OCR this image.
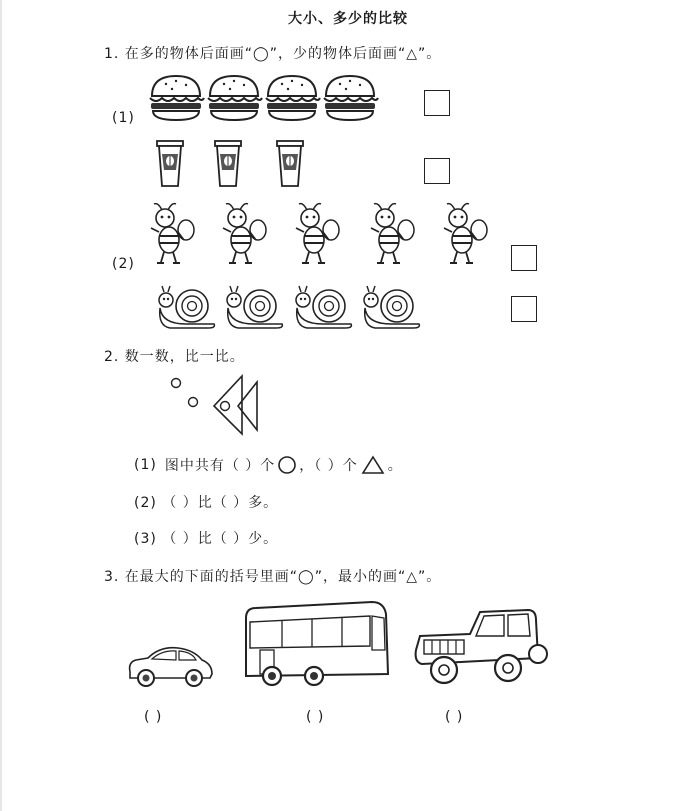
大小、多少的比较
1. 在多的物体后面画“◯”，少的物体后面画“△”。
(1)
(2)
2. 数一数，比一比。
(1) 图中共有（ ）个 ，（ ）个 。
(2) （ ）比（ ）多。
(3) （ ）比（ ）少。
3. 在最大的下面的括号里画“◯”，最小的画“△”。
( )	( )	( )
